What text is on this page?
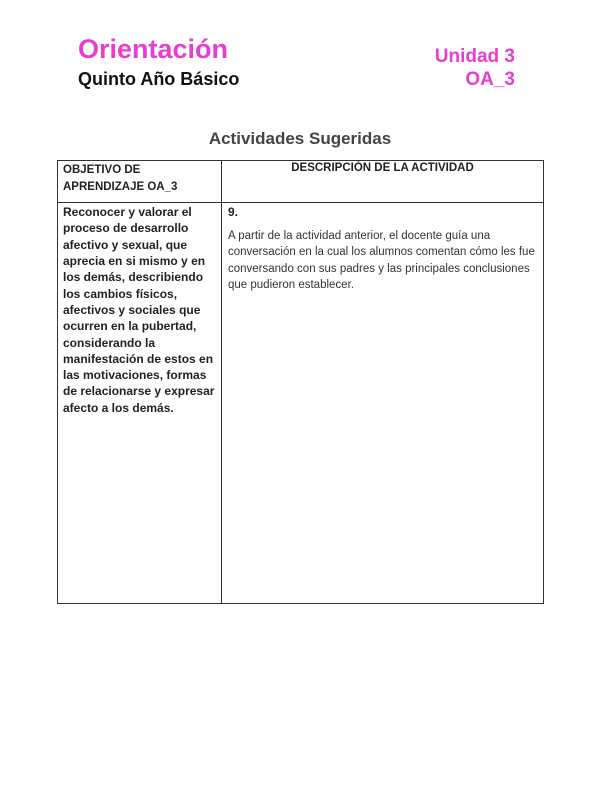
Orientación
Quinto Año Básico
Unidad 3
OA_3
Actividades Sugeridas
OBJETIVO DE APRENDIZAJE OA_3	DESCRIPCIÓN DE LA ACTIVIDAD
Reconocer y valorar el proceso de desarrollo afectivo y sexual, que aprecia en si mismo y en los demás, describiendo los cambios físicos, afectivos y sociales que ocurren en la pubertad, considerando la manifestación de estos en las motivaciones, formas de relacionarse y expresar afecto a los demás.	9.
A partir de la actividad anterior, el docente guía una conversación en la cual los alumnos comentan cómo les fue conversando con sus padres y las principales conclusiones que pudieron establecer.
